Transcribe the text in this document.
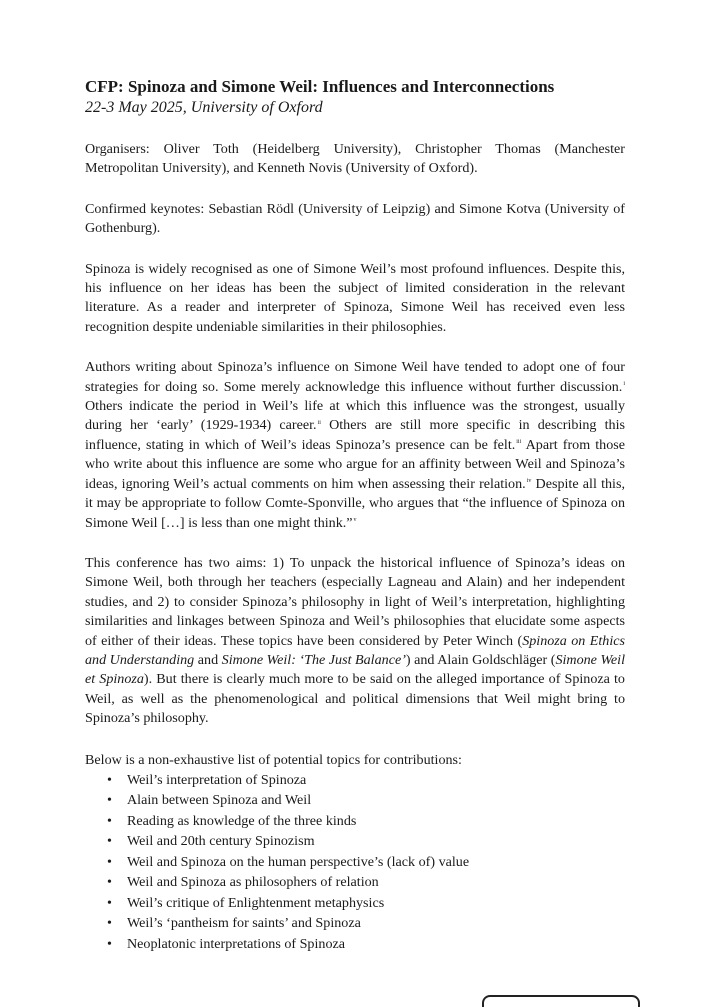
CFP: Spinoza and Simone Weil: Influences and Interconnections
22-3 May 2025, University of Oxford

Organisers: Oliver Toth (Heidelberg University), Christopher Thomas (Manchester Metropolitan University), and Kenneth Novis (University of Oxford).

Confirmed keynotes: Sebastian Rödl (University of Leipzig) and Simone Kotva (University of Gothenburg).

Spinoza is widely recognised as one of Simone Weil’s most profound influences. Despite this, his influence on her ideas has been the subject of limited consideration in the relevant literature. As a reader and interpreter of Spinoza, Simone Weil has received even less recognition despite undeniable similarities in their philosophies.

Authors writing about Spinoza’s influence on Simone Weil have tended to adopt one of four strategies for doing so. Some merely acknowledge this influence without further discussion.$^i$ Others indicate the period in Weil’s life at which this influence was the strongest, usually during her ‘early’ (1929-1934) career.$^{ii}$ Others are still more specific in describing this influence, stating in which of Weil’s ideas Spinoza’s presence can be felt.$^{iii}$ Apart from those who write about this influence are some who argue for an affinity between Weil and Spinoza’s ideas, ignoring Weil’s actual comments on him when assessing their relation.$^{iv}$ Despite all this, it may be appropriate to follow Comte-Sponville, who argues that “the influence of Spinoza on Simone Weil […] is less than one might think.”$^v$

This conference has two aims: 1) To unpack the historical influence of Spinoza’s ideas on Simone Weil, both through her teachers (especially Lagneau and Alain) and her independent studies, and 2) to consider Spinoza’s philosophy in light of Weil’s interpretation, highlighting similarities and linkages between Spinoza and Weil’s philosophies that elucidate some aspects of either of their ideas. These topics have been considered by Peter Winch (Spinoza on Ethics and Understanding and Simone Weil: ‘The Just Balance’) and Alain Goldschläger (Simone Weil et Spinoza). But there is clearly much more to be said on the alleged importance of Spinoza to Weil, as well as the phenomenological and political dimensions that Weil might bring to Spinoza’s philosophy.

Below is a non-exhaustive list of potential topics for contributions:
• Weil’s interpretation of Spinoza
• Alain between Spinoza and Weil
• Reading as knowledge of the three kinds
• Weil and 20th century Spinozism
• Weil and Spinoza on the human perspective’s (lack of) value
• Weil and Spinoza as philosophers of relation
• Weil’s critique of Enlightenment metaphysics
• Weil’s ‘pantheism for saints’ and Spinoza
• Neoplatonic interpretations of Spinoza
